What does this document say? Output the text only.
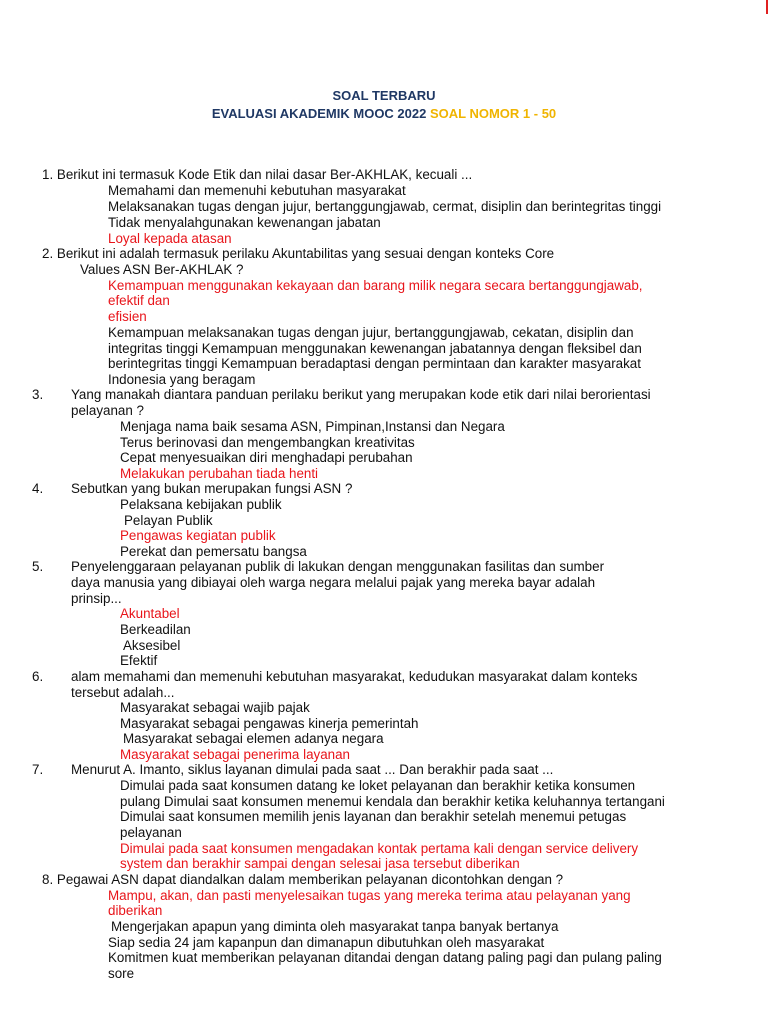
SOAL TERBARU
EVALUASI AKADEMIK MOOC 2022 SOAL NOMOR 1 - 50
1. Berikut ini termasuk Kode Etik dan nilai dasar Ber-AKHLAK, kecuali ...
Memahami dan memenuhi kebutuhan masyarakat
Melaksanakan tugas dengan jujur, bertanggungjawab, cermat, disiplin dan berintegritas tinggi
Tidak menyalahgunakan kewenangan jabatan
Loyal kepada atasan
2. Berikut ini adalah termasuk perilaku Akuntabilitas yang sesuai dengan konteks Core
Values ASN Ber-AKHLAK ?
Kemampuan menggunakan kekayaan dan barang milik negara secara bertanggungjawab,
efektif dan
efisien
Kemampuan melaksanakan tugas dengan jujur, bertanggungjawab, cekatan, disiplin dan
integritas tinggi Kemampuan menggunakan kewenangan jabatannya dengan fleksibel dan
berintegritas tinggi Kemampuan beradaptasi dengan permintaan dan karakter masyarakat
Indonesia yang beragam
3. Yang manakah diantara panduan perilaku berikut yang merupakan kode etik dari nilai berorientasi
pelayanan ?
Menjaga nama baik sesama ASN, Pimpinan,Instansi dan Negara
Terus berinovasi dan mengembangkan kreativitas
Cepat menyesuaikan diri menghadapi perubahan
Melakukan perubahan tiada henti
4. Sebutkan yang bukan merupakan fungsi ASN ?
Pelaksana kebijakan publik
Pelayan Publik
Pengawas kegiatan publik
Perekat dan pemersatu bangsa
5. Penyelenggaraan pelayanan publik di lakukan dengan menggunakan fasilitas dan sumber
daya manusia yang dibiayai oleh warga negara melalui pajak yang mereka bayar adalah
prinsip...
Akuntabel
Berkeadilan
Aksesibel
Efektif
6. alam memahami dan memenuhi kebutuhan masyarakat, kedudukan masyarakat dalam konteks
tersebut adalah...
Masyarakat sebagai wajib pajak
Masyarakat sebagai pengawas kinerja pemerintah
Masyarakat sebagai elemen adanya negara
Masyarakat sebagai penerima layanan
7. Menurut A. Imanto, siklus layanan dimulai pada saat ... Dan berakhir pada saat ...
Dimulai pada saat konsumen datang ke loket pelayanan dan berakhir ketika konsumen
pulang Dimulai saat konsumen menemui kendala dan berakhir ketika keluhannya tertangani
Dimulai saat konsumen memilih jenis layanan dan berakhir setelah menemui petugas
pelayanan
Dimulai pada saat konsumen mengadakan kontak pertama kali dengan service delivery
system dan berakhir sampai dengan selesai jasa tersebut diberikan
8. Pegawai ASN dapat diandalkan dalam memberikan pelayanan dicontohkan dengan ?
Mampu, akan, dan pasti menyelesaikan tugas yang mereka terima atau pelayanan yang
diberikan
Mengerjakan apapun yang diminta oleh masyarakat tanpa banyak bertanya
Siap sedia 24 jam kapanpun dan dimanapun dibutuhkan oleh masyarakat
Komitmen kuat memberikan pelayanan ditandai dengan datang paling pagi dan pulang paling
sore
